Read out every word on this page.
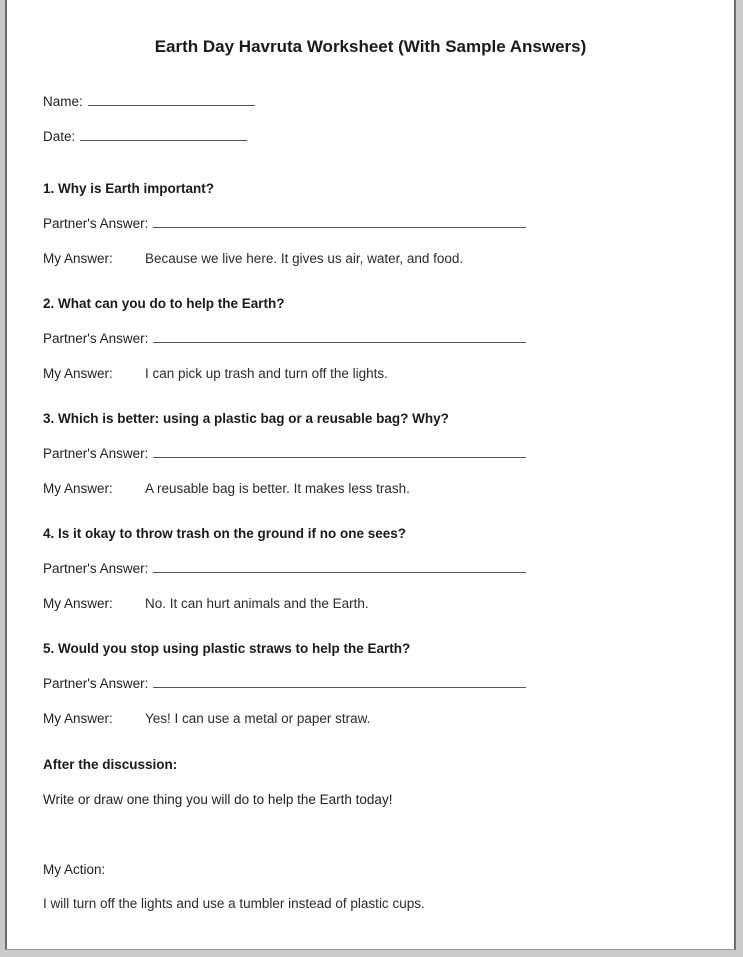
Earth Day Havruta Worksheet (With Sample Answers)
Name:
Date:
1. Why is Earth important?
Partner's Answer:
My Answer:	Because we live here. It gives us air, water, and food.
2. What can you do to help the Earth?
Partner's Answer:
My Answer:	I can pick up trash and turn off the lights.
3. Which is better: using a plastic bag or a reusable bag? Why?
Partner's Answer:
My Answer:	A reusable bag is better. It makes less trash.
4. Is it okay to throw trash on the ground if no one sees?
Partner's Answer:
My Answer:	No. It can hurt animals and the Earth.
5. Would you stop using plastic straws to help the Earth?
Partner's Answer:
My Answer:	Yes! I can use a metal or paper straw.
After the discussion:
Write or draw one thing you will do to help the Earth today!
My Action:
I will turn off the lights and use a tumbler instead of plastic cups.
